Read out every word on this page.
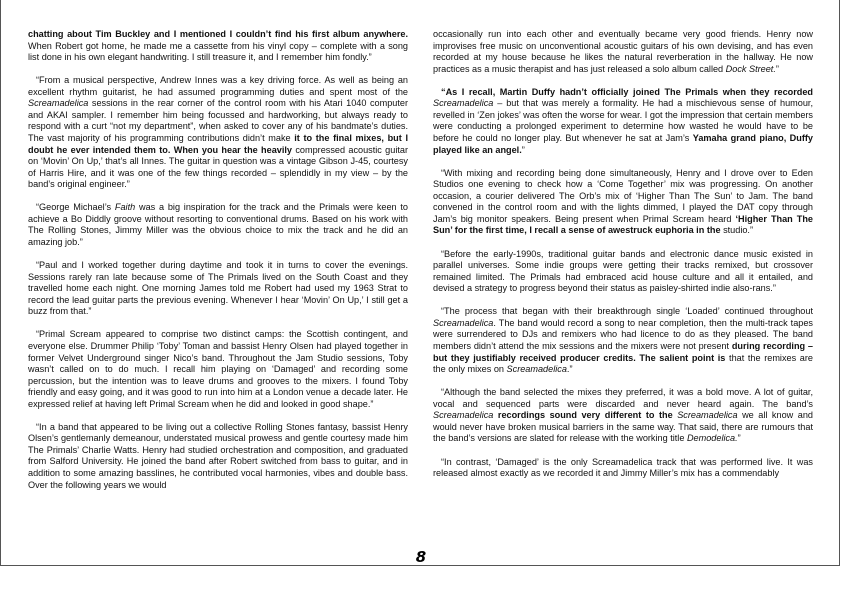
chatting about Tim Buckley and I mentioned I couldn’t find his first album anywhere. When Robert got home, he made me a cassette from his vinyl copy – complete with a song list done in his own elegant handwriting. I still treasure it, and I remember him fondly.”

“From a musical perspective, Andrew Innes was a key driving force. As well as being an excellent rhythm guitarist, he had assumed programming duties and spent most of the Screamadelica sessions in the rear corner of the control room with his Atari 1040 computer and AKAI sampler. I remember him being focussed and hardworking, but always ready to respond with a curt “not my department”, when asked to cover any of his bandmate’s duties. The vast majority of his programming contributions didn’t make it to the final mixes, but I doubt he ever intended them to. When you hear the heavily compressed acoustic guitar on ‘Movin’ On Up,’ that’s all Innes. The guitar in question was a vintage Gibson J-45, courtesy of Harris Hire, and it was one of the few things recorded – splendidly in my view – by the band’s original engineer.”

“George Michael’s Faith was a big inspiration for the track and the Primals were keen to achieve a Bo Diddly groove without resorting to conventional drums. Based on his work with The Rolling Stones, Jimmy Miller was the obvious choice to mix the track and he did an amazing job.”

“Paul and I worked together during daytime and took it in turns to cover the evenings. Sessions rarely ran late because some of The Primals lived on the South Coast and they travelled home each night. One morning James told me Robert had used my 1963 Strat to record the lead guitar parts the previous evening. Whenever I hear ‘Movin’ On Up,’ I still get a buzz from that.”

“Primal Scream appeared to comprise two distinct camps: the Scottish contingent, and everyone else. Drummer Philip ‘Toby’ Toman and bassist Henry Olsen had played together in former Velvet Underground singer Nico’s band. Throughout the Jam Studio sessions, Toby wasn’t called on to do much. I recall him playing on ‘Damaged’ and recording some percussion, but the intention was to leave drums and grooves to the mixers. I found Toby friendly and easy going, and it was good to run into him at a London venue a decade later. He expressed relief at having left Primal Scream when he did and looked in good shape.”

“In a band that appeared to be living out a collective Rolling Stones fantasy, bassist Henry Olsen’s gentlemanly demeanour, understated musical prowess and gentle courtesy made him The Primals’ Charlie Watts. Henry had studied orchestration and composition, and graduated from Salford University. He joined the band after Robert switched from bass to guitar, and in addition to some amazing basslines, he contributed vocal harmonies, vibes and double bass. Over the following years we would

occasionally run into each other and eventually became very good friends. Henry now improvises free music on unconventional acoustic guitars of his own devising, and has even recorded at my house because he likes the natural reverberation in the hallway. He now practices as a music therapist and has just released a solo album called Dock Street.”

“As I recall, Martin Duffy hadn’t officially joined The Primals when they recorded Screamadelica – but that was merely a formality. He had a mischievous sense of humour, revelled in ‘Zen jokes’ was often the worse for wear. I got the impression that certain members were conducting a prolonged experiment to determine how wasted he would have to be before he could no longer play. But whenever he sat at Jam’s Yamaha grand piano, Duffy played like an angel.”

“With mixing and recording being done simultaneously, Henry and I drove over to Eden Studios one evening to check how a ‘Come Together’ mix was progressing. On another occasion, a courier delivered The Orb’s mix of ‘Higher Than The Sun’ to Jam. The band convened in the control room and with the lights dimmed, I played the DAT copy through Jam’s big monitor speakers. Being present when Primal Scream heard ‘Higher Than The Sun’ for the first time, I recall a sense of awestruck euphoria in the studio.”

“Before the early-1990s, traditional guitar bands and electronic dance music existed in parallel universes. Some indie groups were getting their tracks remixed, but crossover remained limited. The Primals had embraced acid house culture and all it entailed, and devised a strategy to progress beyond their status as paisley-shirted indie also-rans.”

“The process that began with their breakthrough single ‘Loaded’ continued throughout Screamadelica. The band would record a song to near completion, then the multi-track tapes were surrendered to DJs and remixers who had licence to do as they pleased. The band members didn’t attend the mix sessions and the mixers were not present during recording – but they justifiably received producer credits. The salient point is that the remixes are the only mixes on Screamadelica.”

“Although the band selected the mixes they preferred, it was a bold move. A lot of guitar, vocal and sequenced parts were discarded and never heard again. The band’s Screamadelica recordings sound very different to the Screamadelica we all know and would never have broken musical barriers in the same way. That said, there are rumours that the band’s versions are slated for release with the working title Demodelica.”

“In contrast, ‘Damaged’ is the only Screamadelica track that was performed live. It was released almost exactly as we recorded it and Jimmy Miller’s mix has a commendably

8
